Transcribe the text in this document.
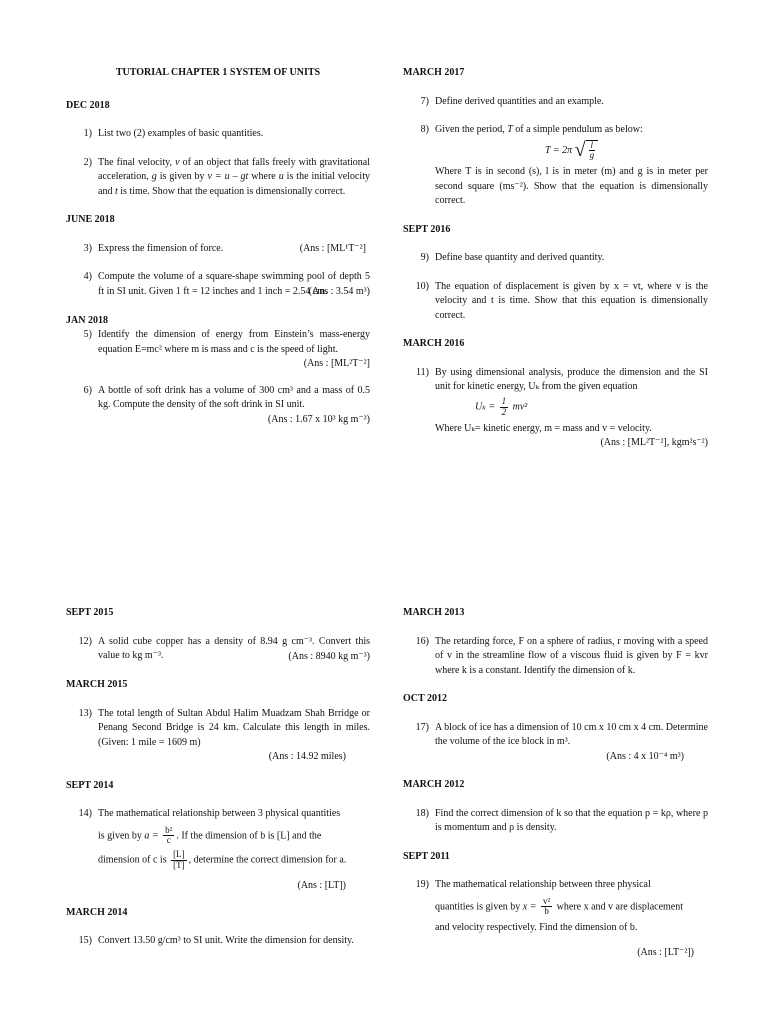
TUTORIAL CHAPTER 1 SYSTEM OF UNITS

DEC 2018

1) List two (2) examples of basic quantities.
2) The final velocity, v of an object that falls freely with gravitational acceleration, g is given by v = u – gt where u is the initial velocity and t is time. Show that the equation is dimensionally correct.

JUNE 2018

3) Express the fimension of force.	(Ans : [ML¹T⁻²]
4) Compute the volume of a square-shape swimming pool of depth 5 ft in SI unit. Given 1 ft = 12 inches and 1 inch = 2.54 cm.
(Ans : 3.54 m³)

JAN 2018

5) Identify the dimension of energy from Einstein’s mass-energy equation E=mc² where m is mass and c is the speed of light.
(Ans : [ML²T⁻²]
6) A bottle of soft drink has a volume of 300 cm³ and a mass of 0.5 kg. Compute the density of the soft drink in SI unit.
(Ans : 1.67 x 10³ kg m⁻³)

MARCH 2017

7) Define derived quantities and an example.
8) Given the period, T of a simple pendulum as below:
T = 2π √ $\frac{l}{g}$
Where T is in second (s), l is in meter (m) and g is in meter per second square (ms⁻²). Show that the equation is dimensionally correct.

SEPT 2016

9) Define base quantity and derived quantity.
10) The equation of displacement is given by x = vt, where v is the velocity and t is time. Show that this equation is dimensionally correct.

MARCH 2016

11) By using dimensional analysis, produce the dimension and the SI unit for kinetic energy, Uₖ from the given equation
$U_k = \frac{1}{2} mv^2$
Where Uₖ= kinetic energy, m = mass and v = velocity.
(Ans : [ML²T⁻²], kgm²s⁻²)

SEPT 2015

12) A solid cube copper has a density of 8.94 g cm⁻³. Convert this value to kg m⁻³.	(Ans : 8940 kg m⁻³)

MARCH 2015

13) The total length of Sultan Abdul Halim Muadzam Shah Brridge or Penang Second Bridge is 24 km. Calculate this length in miles. (Given: 1 mile = 1609 m)
(Ans : 14.92 miles)

SEPT 2014

14) The mathematical relationship between 3 physical quantities
is given by $a = \frac{\text{b²}}{c}$ . If the dimension of b is [L] and the
dimension of c is $\frac{[L]}{[T]}$ , determine the correct dimension for a.
(Ans : [LT])

MARCH 2014

15) Convert 13.50 g/cm³ to SI unit. Write the dimension for density.

MARCH 2013

16) The retarding force, F on a sphere of radius, r moving with a speed of v in the streamline flow of a viscous fluid is given by F = kvr where k is a constant. Identify the dimension of k.

OCT 2012

17) A block of ice has a dimension of 10 cm x 10 cm x 4 cm. Determine the volume of the ice block in m³.
(Ans : 4 x 10⁻⁴ m³)

MARCH 2012

18) Find the correct dimension of k so that the equation p = kρ, where p is momentum and ρ is density.

SEPT 2011

19) The mathematical relationship between three physical
quantities is given by $x = \frac{\text{v²}}{b}$ where x and v are displacement
and velocity respectively. Find the dimension of b.
(Ans : [LT⁻²])
